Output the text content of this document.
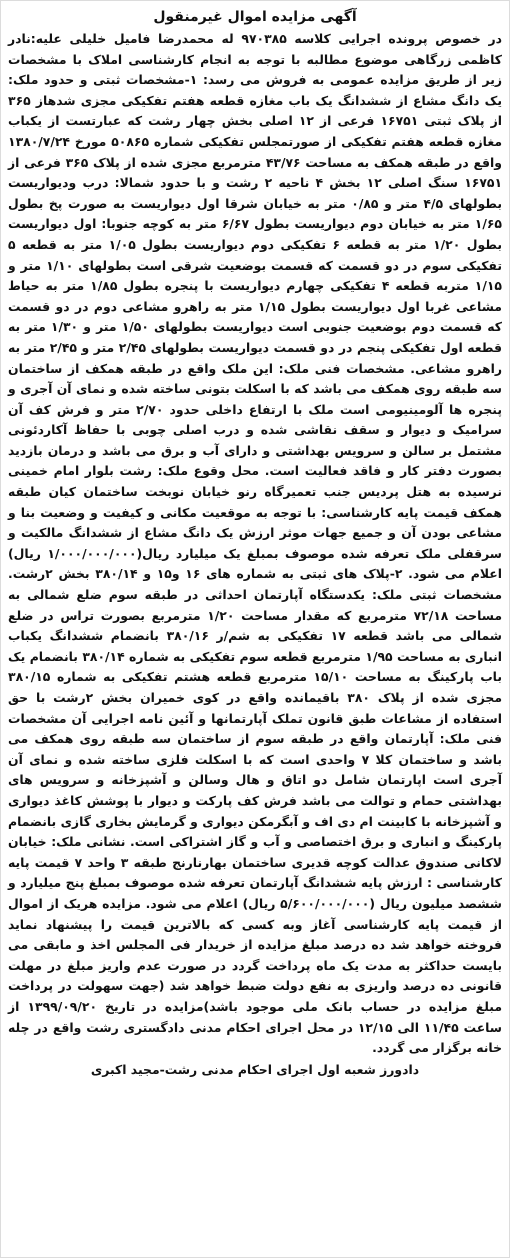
آگهی مزایده اموال غیرمنقول

در خصوص پرونده اجرایی کلاسه ۹۷۰۳۸۵ له محمدرضا فامیل خلیلی علیه:نادر کاظمی زرگاهی موضوع مطالبه با توجه به انجام کارشناسی املاک با مشخصات زیر از طریق مزایده عمومی به فروش می رسد: ۱-مشخصات ثبتی و حدود ملک: یک دانگ مشاع از ششدانگ یک باب مغازه قطعه هفتم تفکیکی مجزی شدهاز ۳۶۵ از پلاک ثبتی ۱۶۷۵۱ فرعی از ۱۲ اصلی بخش چهار رشت که عبارتست از یکباب مغازه قطعه هفتم تفکیکی از صورتمجلس تفکیکی شماره ۵۰۸۶۵ مورخ ۱۳۸۰/۷/۲۴ واقع در طبقه همکف به مساحت ۴۳/۷۶ مترمربع مجزی شده از پلاک ۳۶۵ فرعی از ۱۶۷۵۱ سنگ اصلی ۱۲ بخش ۴ ناحیه ۲ رشت و با حدود شمالا: درب ودیواریست بطولهای ۴/۵ متر و ۰/۸۵ متر به خیابان شرقا اول دیواریست به صورت پخ بطول ۱/۶۵ متر به خیابان دوم دیواریست بطول ۶/۶۷ متر به کوچه جنوبا: اول دیواریست بطول ۱/۲۰ متر به قطعه ۶ تفکیکی دوم دیواریست بطول ۱/۰۵ متر به قطعه ۵ تفکیکی سوم در دو قسمت که قسمت بوضعیت شرقی است بطولهای ۱/۱۰ متر و ۱/۱۵ متربه قطعه ۴ تفکیکی چهارم دیواریست با پنجره بطول ۱/۸۵ متر به حیاط مشاعی غربا اول دیواریست بطول ۱/۱۵ متر به راهرو مشاعی دوم در دو قسمت که قسمت دوم بوضعیت جنوبی است دیواریست بطولهای ۱/۵۰ متر و ۱/۳۰ متر به قطعه اول تفکیکی پنجم در دو قسمت دیواریست بطولهای ۲/۴۵ متر و ۲/۴۵ متر به راهرو مشاعی. مشخصات فنی ملک: این ملک واقع در طبقه همکف از ساختمان سه طبقه روی همکف می باشد که با اسکلت بتونی ساخته شده و نمای آن آجری و پنجره ها آلومینیومی است ملک با ارتفاع داخلی حدود ۲/۷۰ متر و فرش کف آن سرامیک و دیوار و سقف نقاشی شده و درب اصلی چوبی با حفاظ آکاردئونی مشتمل بر سالن و سرویس بهداشتی و دارای آب و برق می باشد و درمان بازدید بصورت دفتر کار و فاقد فعالیت است. محل وقوع ملک: رشت بلوار امام خمینی نرسیده به هتل پردیس جنب تعمیرگاه رنو خیابان نوبخت ساختمان کیان طبقه همکف قیمت پایه کارشناسی: با توجه به موقعیت مکانی و کیفیت و وضعیت بنا و مشاعی بودن آن و جمیع جهات موثر ارزش یک دانگ مشاع از ششدانگ مالکیت و سرقفلی ملک تعرفه شده موصوف بمبلغ یک میلیارد ریال(۱/۰۰۰/۰۰۰/۰۰۰ ریال) اعلام می شود. ۲-پلاک های ثبتی به شماره های ۱۶ و۱۵ و ۳۸۰/۱۴ بخش ۲رشت. مشخصات ثبتی ملک: یکدستگاه آپارتمان احداثی در طبقه سوم ضلع شمالی به مساحت ۷۲/۱۸ مترمربع که مقدار مساحت ۱/۲۰ مترمربع بصورت تراس در ضلع شمالی می باشد قطعه ۱۷ تفکیکی به شم/ر ۳۸۰/۱۶ بانضمام ششدانگ یکباب انباری به مساحت ۱/۹۵ مترمربع قطعه سوم تفکیکی به شماره ۳۸۰/۱۴ بانضمام یک باب پارکینگ به مساحت ۱۵/۱۰ مترمربع قطعه هشتم تفکیکی به شماره ۳۸۰/۱۵ مجزی شده از پلاک ۳۸۰ باقیمانده واقع در کوی خمیران بخش ۲رشت با حق استفاده از مشاعات طبق قانون تملک آپارتمانها و آئین نامه اجرایی آن مشخصات فنی ملک: آپارتمان واقع در طبقه سوم از ساختمان سه طبقه روی همکف می باشد و ساختمان کلا ۷ واحدی است که با اسکلت فلزی ساخته شده و نمای آن آجری است اپارتمان شامل دو اتاق و هال وسالن و آشپزخانه و سرویس های بهداشتی حمام و توالت می باشد فرش کف پارکت و دیوار با پوشش کاغذ دیواری و آشپزخانه با کابینت ام دی اف و آبگرمکن دیواری و گرمایش بخاری گازی بانضمام پارکینگ و انباری و برق اختصاصی و آب و گاز اشتراکی است. نشانی ملک: خیابان لاکانی صندوق عدالت کوچه قدیری ساختمان بهارنارنج طبقه ۳ واحد ۷ قیمت پایه کارشناسی : ارزش پایه ششدانگ آپارتمان تعرفه شده موصوف بمبلغ پنج میلیارد و ششصد میلیون ریال (۵/۶۰۰/۰۰۰/۰۰۰ ریال) اعلام می شود. مزایده هریک از اموال از قیمت پایه کارشناسی آغاز وبه کسی که بالاترین قیمت را پیشنهاد نماید فروخته خواهد شد ده درصد مبلغ مزایده از خریدار فی المجلس اخذ و مابقی می بایست حداکثر به مدت یک ماه پرداخت گردد در صورت عدم واریز مبلغ در مهلت قانونی ده درصد واریزی به نفع دولت ضبط خواهد شد (جهت سهولت در پرداخت مبلغ مزایده در حساب بانک ملی موجود باشد)مزایده در تاریخ ۱۳۹۹/۰۹/۲۰ از ساعت ۱۱/۴۵ الی ۱۲/۱۵ در محل اجرای احکام مدنی دادگستری رشت واقع در چله خانه برگزار می گردد.

دادورز شعبه اول اجرای احکام مدنی رشت-مجید اکبری
